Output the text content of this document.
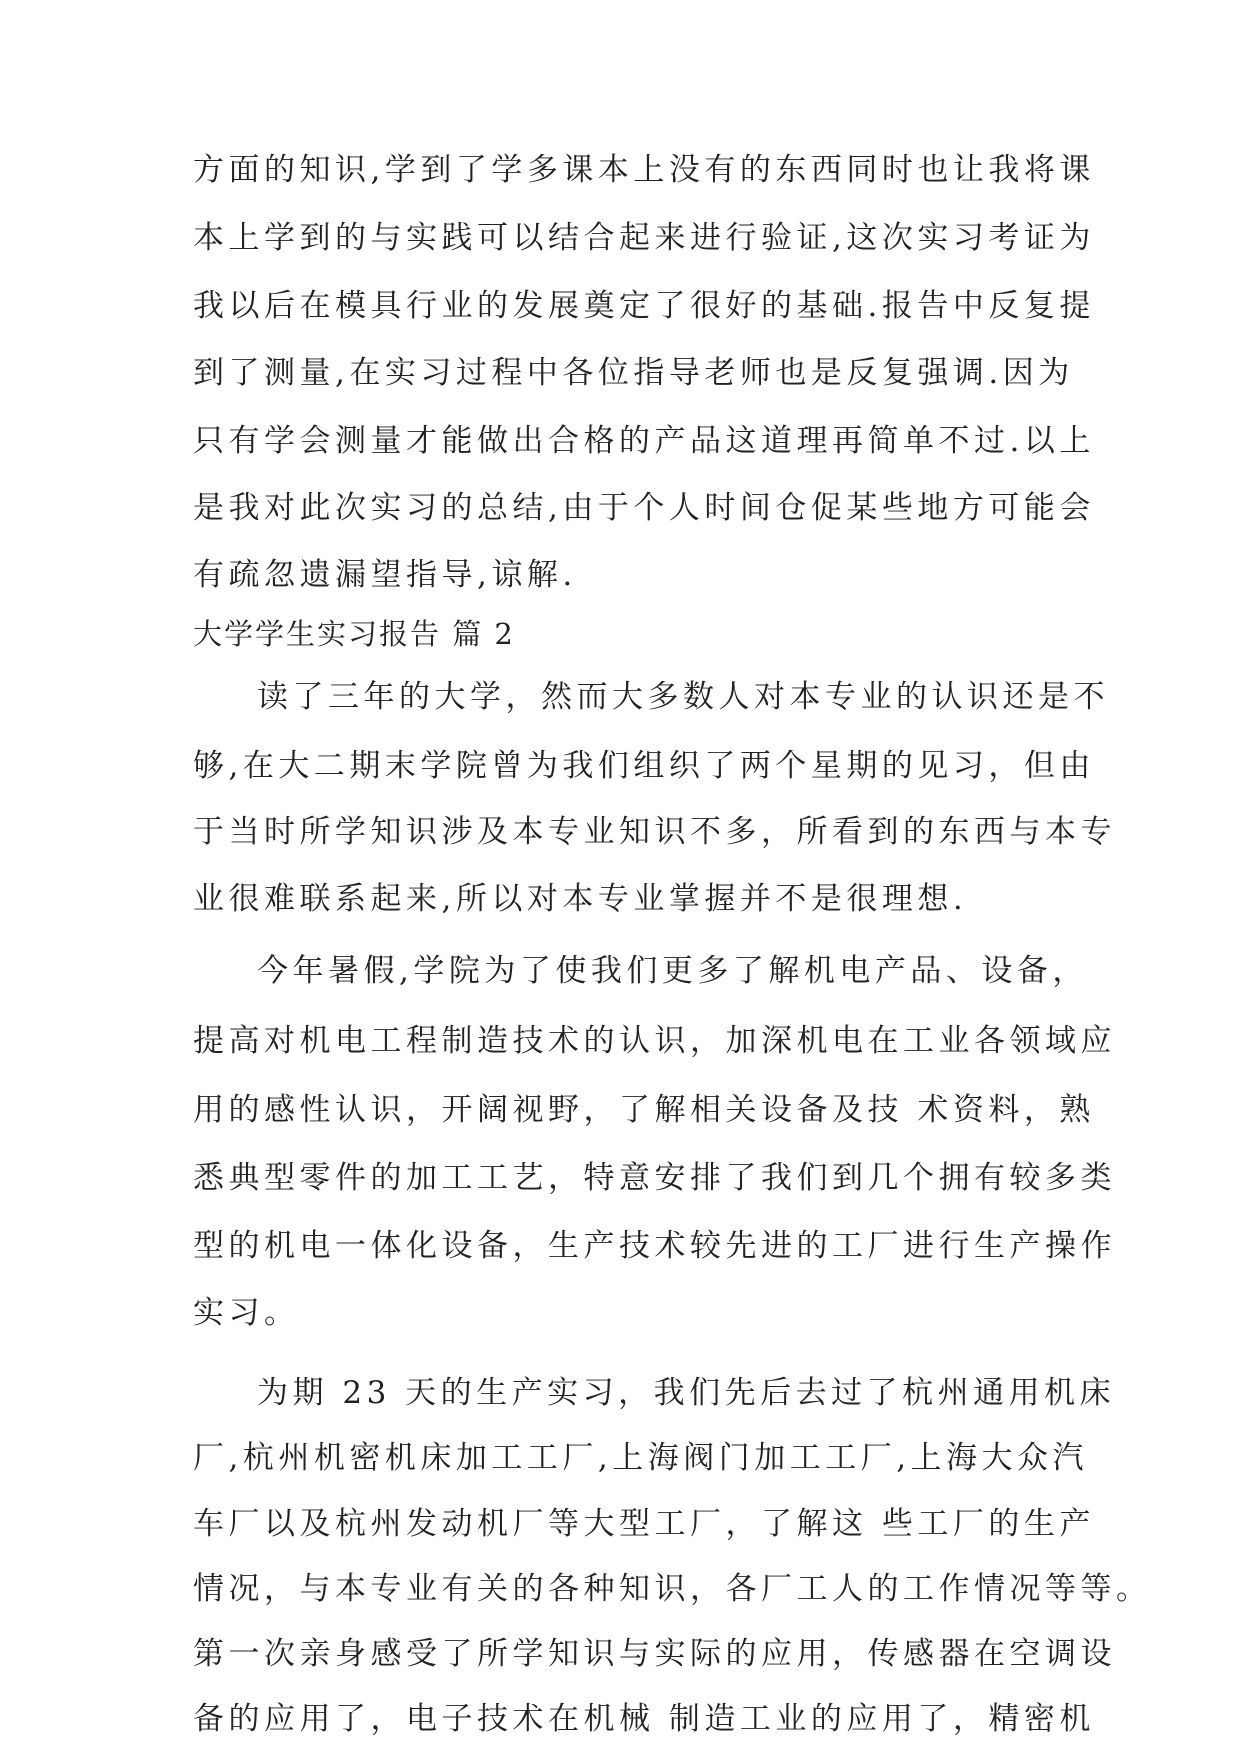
方面的知识,学到了学多课本上没有的东西同时也让我将课
本上学到的与实践可以结合起来进行验证,这次实习考证为
我以后在模具行业的发展奠定了很好的基础.报告中反复提
到了测量,在实习过程中各位指导老师也是反复强调.因为
只有学会测量才能做出合格的产品这道理再简单不过.以上
是我对此次实习的总结,由于个人时间仓促某些地方可能会
有疏忽遗漏望指导,谅解.
大学学生实习报告 篇 2
读了三年的大学，然而大多数人对本专业的认识还是不
够,在大二期末学院曾为我们组织了两个星期的见习，但由
于当时所学知识涉及本专业知识不多，所看到的东西与本专
业很难联系起来,所以对本专业掌握并不是很理想.
今年暑假,学院为了使我们更多了解机电产品、设备，
提高对机电工程制造技术的认识，加深机电在工业各领域应
用的感性认识，开阔视野，了解相关设备及技 术资料，熟
悉典型零件的加工工艺，特意安排了我们到几个拥有较多类
型的机电一体化设备，生产技术较先进的工厂进行生产操作
实习。
为期 23 天的生产实习，我们先后去过了杭州通用机床
厂,杭州机密机床加工工厂,上海阀门加工工厂,上海大众汽
车厂以及杭州发动机厂等大型工厂，了解这 些工厂的生产
情况，与本专业有关的各种知识，各厂工人的工作情况等等。
第一次亲身感受了所学知识与实际的应用，传感器在空调设
备的应用了，电子技术在机械 制造工业的应用了，精密机
